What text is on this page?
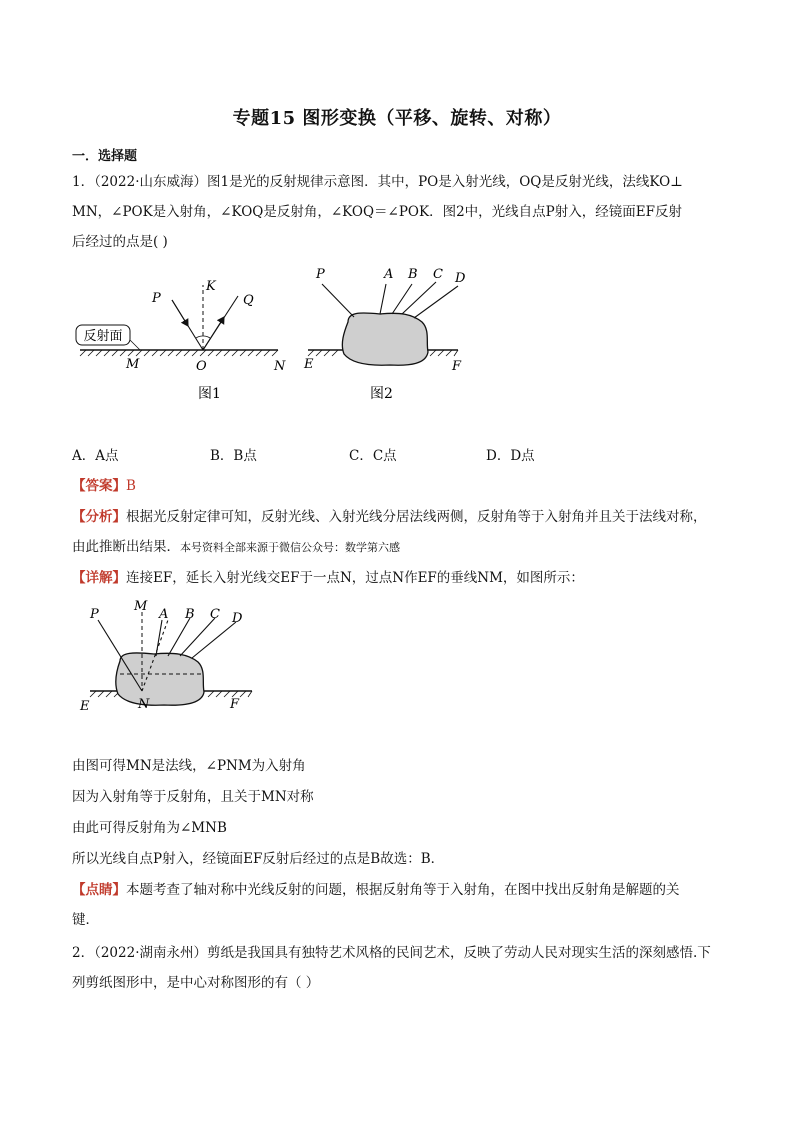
专题15 图形变换（平移、旋转、对称）
一．选择题
1．（2022·山东威海）图1是光的反射规律示意图．其中，PO是入射光线，OQ是反射光线，法线KO⊥
MN，∠POK是入射角，∠KOQ是反射角，∠KOQ＝∠POK．图2中，光线自点P射入，经镜面EF反射
后经过的点是( )
反射面
P
K
Q
M	O	N
图1
P	A B C D
E	F
图2
A．A点	B．B点	C．C点	D．D点
【答案】B
【分析】根据光反射定律可知，反射光线、入射光线分居法线两侧，反射角等于入射角并且关于法线对称，
由此推断出结果．本号资料全部来源于微信公众号：数学第六感
【详解】连接EF，延长入射光线交EF于一点N，过点N作EF的垂线NM，如图所示：
P
M
A B C D
E	N	F
由图可得MN是法线，∠PNM为入射角
因为入射角等于反射角，且关于MN对称
由此可得反射角为∠MNB
所以光线自点P射入，经镜面EF反射后经过的点是B故选：B．
【点睛】本题考查了轴对称中光线反射的问题，根据反射角等于入射角，在图中找出反射角是解题的关
键．
2．（2022·湖南永州）剪纸是我国具有独特艺术风格的民间艺术，反映了劳动人民对现实生活的深刻感悟.下
列剪纸图形中，是中心对称图形的有（ ）
